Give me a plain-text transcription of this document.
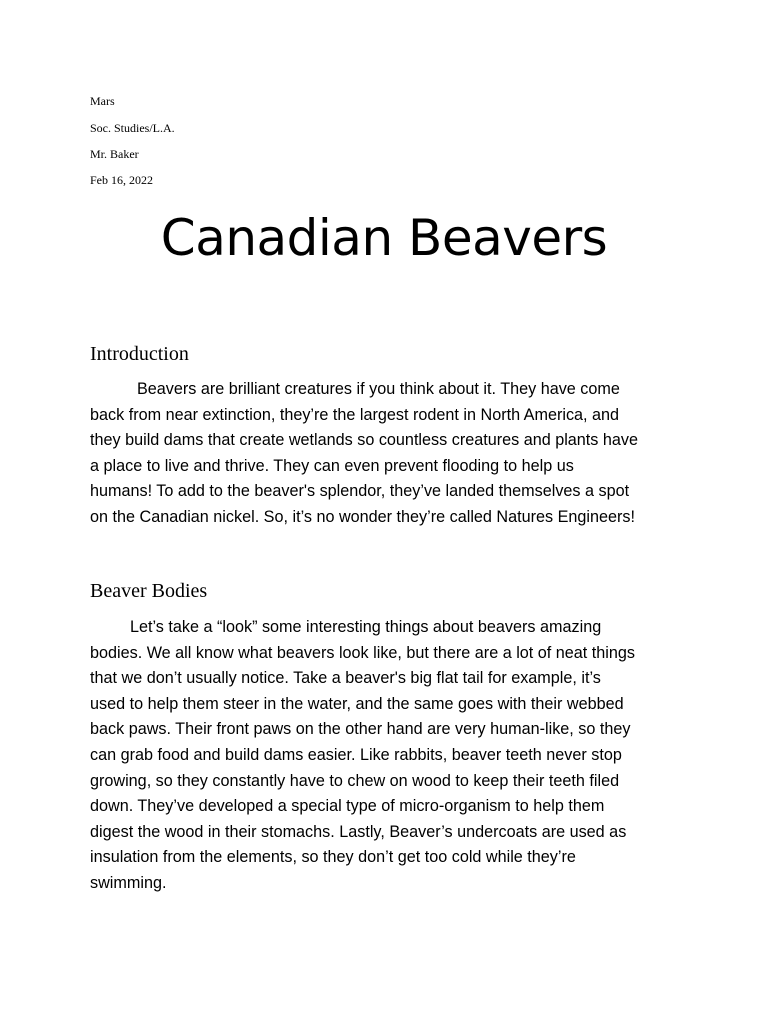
Mars
Soc. Studies/L.A.
Mr. Baker
Feb 16, 2022
Canadian Beavers
Introduction
Beavers are brilliant creatures if you think about it. They have come
back from near extinction, they’re the largest rodent in North America, and
they build dams that create wetlands so countless creatures and plants have
a place to live and thrive. They can even prevent flooding to help us
humans! To add to the beaver's splendor, they’ve landed themselves a spot
on the Canadian nickel. So, it’s no wonder they’re called Natures Engineers!
Beaver Bodies
Let’s take a “look” some interesting things about beavers amazing
bodies. We all know what beavers look like, but there are a lot of neat things
that we don’t usually notice. Take a beaver's big flat tail for example, it’s
used to help them steer in the water, and the same goes with their webbed
back paws. Their front paws on the other hand are very human-like, so they
can grab food and build dams easier. Like rabbits, beaver teeth never stop
growing, so they constantly have to chew on wood to keep their teeth filed
down. They’ve developed a special type of micro-organism to help them
digest the wood in their stomachs. Lastly, Beaver’s undercoats are used as
insulation from the elements, so they don’t get too cold while they’re
swimming.
